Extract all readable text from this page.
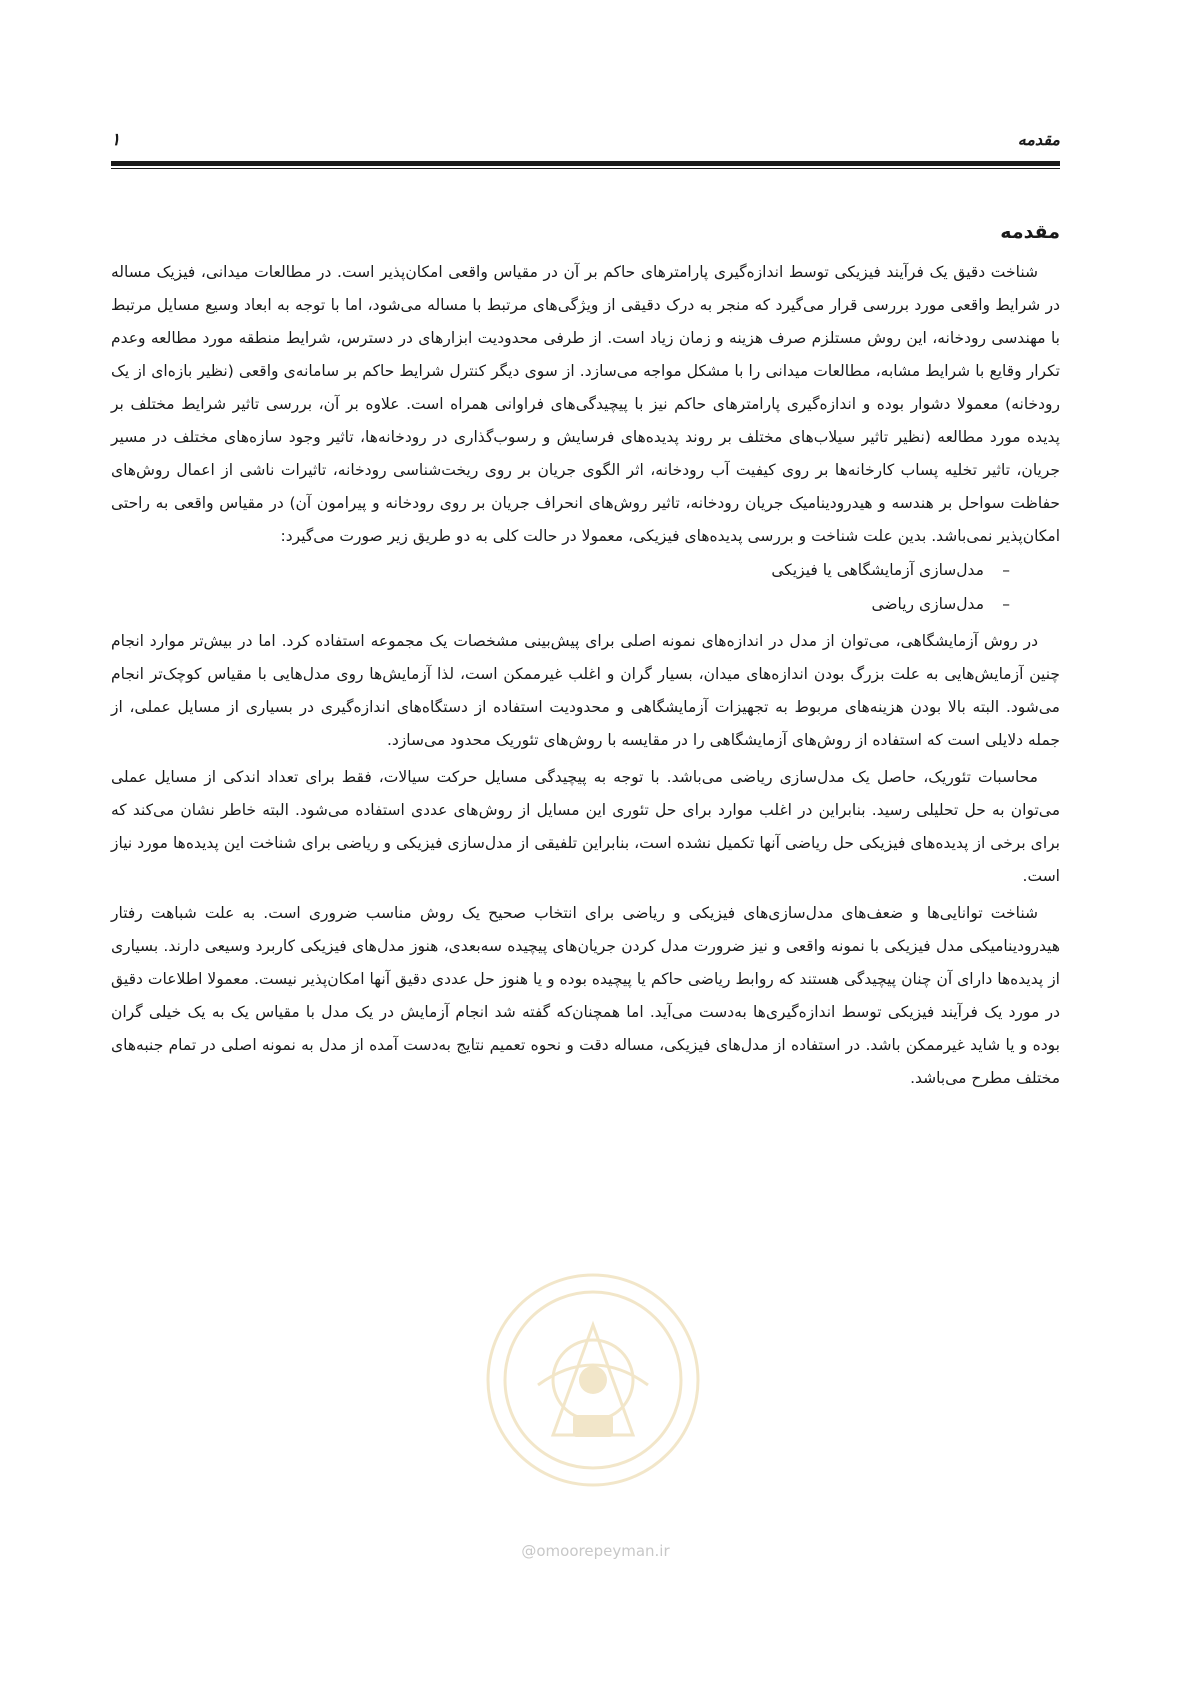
مقدمه
۱
@omoorepeyman.ir
مقدمه

شناخت دقیق یک فرآیند فیزیکی توسط اندازه‌گیری پارامترهای حاکم بر آن در مقیاس واقعی امکان‌پذیر است. در مطالعات میدانی، فیزیک مساله در شرایط واقعی مورد بررسی قرار می‌گیرد که منجر به درک دقیقی از ویژگی‌های مرتبط با مساله می‌شود، اما با توجه به ابعاد وسیع مسایل مرتبط با مهندسی رودخانه، این روش مستلزم صرف هزینه و زمان زیاد است. از طرفی محدودیت ابزارهای در دسترس، شرایط منطقه مورد مطالعه وعدم تکرار وقایع با شرایط مشابه، مطالعات میدانی را با مشکل مواجه می‌سازد. از سوی دیگر کنترل شرایط حاکم بر سامانه‌ی واقعی (نظیر بازه‌ای از یک رودخانه) معمولا دشوار بوده و اندازه‌گیری پارامترهای حاکم نیز با پیچیدگی‌های فراوانی همراه است. علاوه بر آن، بررسی تاثیر شرایط مختلف بر پدیده مورد مطالعه (نظیر تاثیر سیلاب‌های مختلف بر روند پدیده‌های فرسایش و رسوب‌گذاری در رودخانه‌ها، تاثیر وجود سازه‌های مختلف در مسیر جریان، تاثیر تخلیه پساب کارخانه‌ها بر روی کیفیت آب رودخانه، اثر الگوی جریان بر روی ریخت‌شناسی رودخانه، تاثیرات ناشی از اعمال روش‌های حفاظت سواحل بر هندسه و هیدرودینامیک جریان رودخانه، تاثیر روش‌های انحراف جریان بر روی رودخانه و پیرامون آن) در مقیاس واقعی به راحتی امکان‌پذیر نمی‌باشد. بدین علت شناخت و بررسی پدیده‌های فیزیکی، معمولا در حالت کلی به دو طریق زیر صورت می‌گیرد:

–مدل‌سازی آزمایشگاهی یا فیزیکی
–مدل‌سازی ریاضی

در روش آزمایشگاهی، می‌توان از مدل در اندازه‌های نمونه اصلی برای پیش‌بینی مشخصات یک مجموعه استفاده کرد. اما در بیش‌تر موارد انجام چنین آزمایش‌هایی به علت بزرگ بودن اندازه‌های میدان، بسیار گران و اغلب غیرممکن است، لذا آزمایش‌ها روی مدل‌هایی با مقیاس کوچک‌تر انجام می‌شود. البته بالا بودن هزینه‌های مربوط به تجهیزات آزمایشگاهی و محدودیت استفاده از دستگاه‌های اندازه‌گیری در بسیاری از مسایل عملی، از جمله دلایلی است که استفاده از روش‌های آزمایشگاهی را در مقایسه با روش‌های تئوریک محدود می‌سازد.

محاسبات تئوریک، حاصل یک مدل‌سازی ریاضی می‌باشد. با توجه به پیچیدگی مسایل حرکت سیالات، فقط برای تعداد اندکی از مسایل عملی می‌توان به حل تحلیلی رسید. بنابراین در اغلب موارد برای حل تئوری این مسایل از روش‌های عددی استفاده می‌شود. البته خاطر نشان می‌کند که برای برخی از پدیده‌های فیزیکی حل ریاضی آنها تکمیل نشده است، بنابراین تلفیقی از مدل‌سازی فیزیکی و ریاضی برای شناخت این پدیده‌ها مورد نیاز است.

شناخت توانایی‌ها و ضعف‌های مدل‌سازی‌های فیزیکی و ریاضی برای انتخاب صحیح یک روش مناسب ضروری است. به علت شباهت رفتار هیدرودینامیکی مدل فیزیکی با نمونه واقعی و نیز ضرورت مدل کردن جریان‌های پیچیده سه‌بعدی، هنوز مدل‌های فیزیکی کاربرد وسیعی دارند. بسیاری از پدیده‌ها دارای آن چنان پیچیدگی هستند که روابط ریاضی حاکم یا پیچیده بوده و یا هنوز حل عددی دقیق آنها امکان‌پذیر نیست. معمولا اطلاعات دقیق در مورد یک فرآیند فیزیکی توسط اندازه‌گیری‌ها به‌دست می‌آید. اما همچنان‌که گفته شد انجام آزمایش در یک مدل با مقیاس یک به یک خیلی گران بوده و یا شاید غیرممکن باشد. در استفاده از مدل‌های فیزیکی، مساله دقت و نحوه تعمیم نتایج به‌دست آمده از مدل به نمونه اصلی در تمام جنبه‌های مختلف مطرح می‌باشد.
